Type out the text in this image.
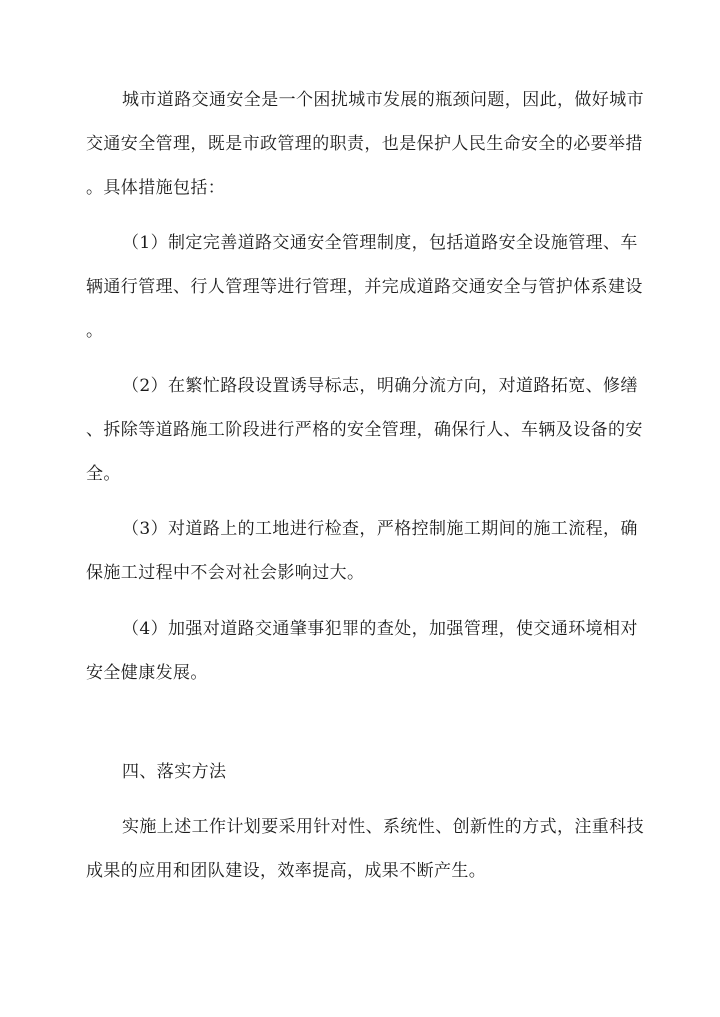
城市道路交通安全是一个困扰城市发展的瓶颈问题，因此，做好城市
交通安全管理，既是市政管理的职责，也是保护人民生命安全的必要举措
。具体措施包括：
（1）制定完善道路交通安全管理制度，包括道路安全设施管理、车
辆通行管理、行人管理等进行管理，并完成道路交通安全与管护体系建设
。
（2）在繁忙路段设置诱导标志，明确分流方向，对道路拓宽、修缮
、拆除等道路施工阶段进行严格的安全管理，确保行人、车辆及设备的安
全。
（3）对道路上的工地进行检查，严格控制施工期间的施工流程，确
保施工过程中不会对社会影响过大。
（4）加强对道路交通肇事犯罪的查处，加强管理，使交通环境相对
安全健康发展。
四、落实方法
实施上述工作计划要采用针对性、系统性、创新性的方式，注重科技
成果的应用和团队建设，效率提高，成果不断产生。
